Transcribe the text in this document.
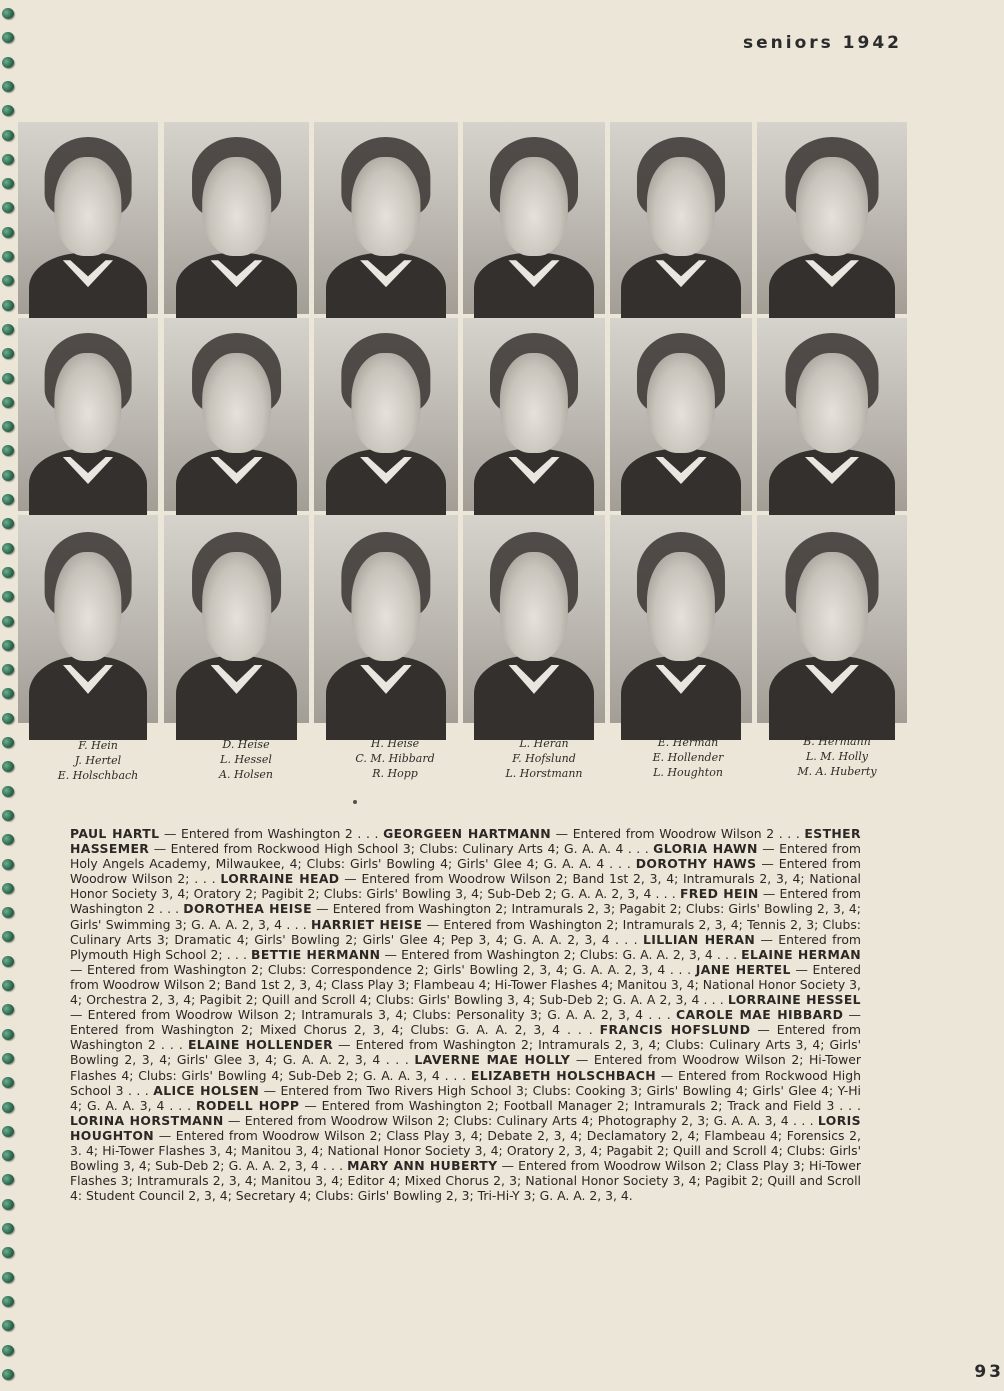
seniors 1942
F. Hein
J. Hertel
E. Holschbach
D. Heise
L. Hessel
A. Holsen
H. Heise
C. M. Hibbard
R. Hopp
L. Heran
F. Hofslund
L. Horstmann
E. Herman
E. Hollender
L. Houghton
B. Hermann
L. M. Holly
M. A. Huberty
PAUL HARTL — Entered from Washington 2 . . . GEORGEEN HARTMANN — Entered from Woodrow Wilson 2 . . . ESTHER HASSEMER — Entered from Rockwood High School 3; Clubs: Culinary Arts 4; G. A. A. 4 . . . GLORIA HAWN — Entered from Holy Angels Academy, Milwaukee, 4; Clubs: Girls' Bowling 4; Girls' Glee 4; G. A. A. 4 . . . DOROTHY HAWS — Entered from Woodrow Wilson 2; . . . LORRAINE HEAD — Entered from Woodrow Wilson 2; Band 1st 2, 3, 4; Intramurals 2, 3, 4; National Honor Society 3, 4; Oratory 2; Pagibit 2; Clubs: Girls' Bowling 3, 4; Sub-Deb 2; G. A. A. 2, 3, 4 . . . FRED HEIN — Entered from Washington 2 . . . DOROTHEA HEISE — Entered from Washington 2; Intramurals 2, 3; Pagabit 2; Clubs: Girls' Bowling 2, 3, 4; Girls' Swimming 3; G. A. A. 2, 3, 4 . . . HARRIET HEISE — Entered from Washington 2; Intramurals 2, 3, 4; Tennis 2, 3; Clubs: Culinary Arts 3; Dramatic 4; Girls' Bowling 2; Girls' Glee 4; Pep 3, 4; G. A. A. 2, 3, 4 . . . LILLIAN HERAN — Entered from Plymouth High School 2; . . . BETTIE HERMANN — Entered from Washington 2; Clubs: G. A. A. 2, 3, 4 . . . ELAINE HERMAN — Entered from Washington 2; Clubs: Correspondence 2; Girls' Bowling 2, 3, 4; G. A. A. 2, 3, 4 . . . JANE HERTEL — Entered from Woodrow Wilson 2; Band 1st 2, 3, 4; Class Play 3; Flambeau 4; Hi-Tower Flashes 4; Manitou 3, 4; National Honor Society 3, 4; Orchestra 2, 3, 4; Pagibit 2; Quill and Scroll 4; Clubs: Girls' Bowling 3, 4; Sub-Deb 2; G. A. A 2, 3, 4 . . . LORRAINE HESSEL — Entered from Woodrow Wilson 2; Intramurals 3, 4; Clubs: Personality 3; G. A. A. 2, 3, 4 . . . CAROLE MAE HIBBARD — Entered from Washington 2; Mixed Chorus 2, 3, 4; Clubs: G. A. A. 2, 3, 4 . . . FRANCIS HOFSLUND — Entered from Washington 2 . . . ELAINE HOLLENDER — Entered from Washington 2; Intramurals 2, 3, 4; Clubs: Culinary Arts 3, 4; Girls' Bowling 2, 3, 4; Girls' Glee 3, 4; G. A. A. 2, 3, 4 . . . LAVERNE MAE HOLLY — Entered from Woodrow Wilson 2; Hi-Tower Flashes 4; Clubs: Girls' Bowling 4; Sub-Deb 2; G. A. A. 3, 4 . . . ELIZABETH HOLSCHBACH — Entered from Rockwood High School 3 . . . ALICE HOLSEN — Entered from Two Rivers High School 3; Clubs: Cooking 3; Girls' Bowling 4; Girls' Glee 4; Y-Hi 4; G. A. A. 3, 4 . . . RODELL HOPP — Entered from Washington 2; Football Manager 2; Intramurals 2; Track and Field 3 . . . LORINA HORSTMANN — Entered from Woodrow Wilson 2; Clubs: Culinary Arts 4; Photography 2, 3; G. A. A. 3, 4 . . . LORIS HOUGHTON — Entered from Woodrow Wilson 2; Class Play 3, 4; Debate 2, 3, 4; Declamatory 2, 4; Flambeau 4; Forensics 2, 3. 4; Hi-Tower Flashes 3, 4; Manitou 3, 4; National Honor Society 3, 4; Oratory 2, 3, 4; Pagabit 2; Quill and Scroll 4; Clubs: Girls' Bowling 3, 4; Sub-Deb 2; G. A. A. 2, 3, 4 . . . MARY ANN HUBERTY — Entered from Woodrow Wilson 2; Class Play 3; Hi-Tower Flashes 3; Intramurals 2, 3, 4; Manitou 3, 4; Editor 4; Mixed Chorus 2, 3; National Honor Society 3, 4; Pagibit 2; Quill and Scroll 4: Student Council 2, 3, 4; Secretary 4; Clubs: Girls' Bowling 2, 3; Tri-Hi-Y 3; G. A. A. 2, 3, 4.
93
